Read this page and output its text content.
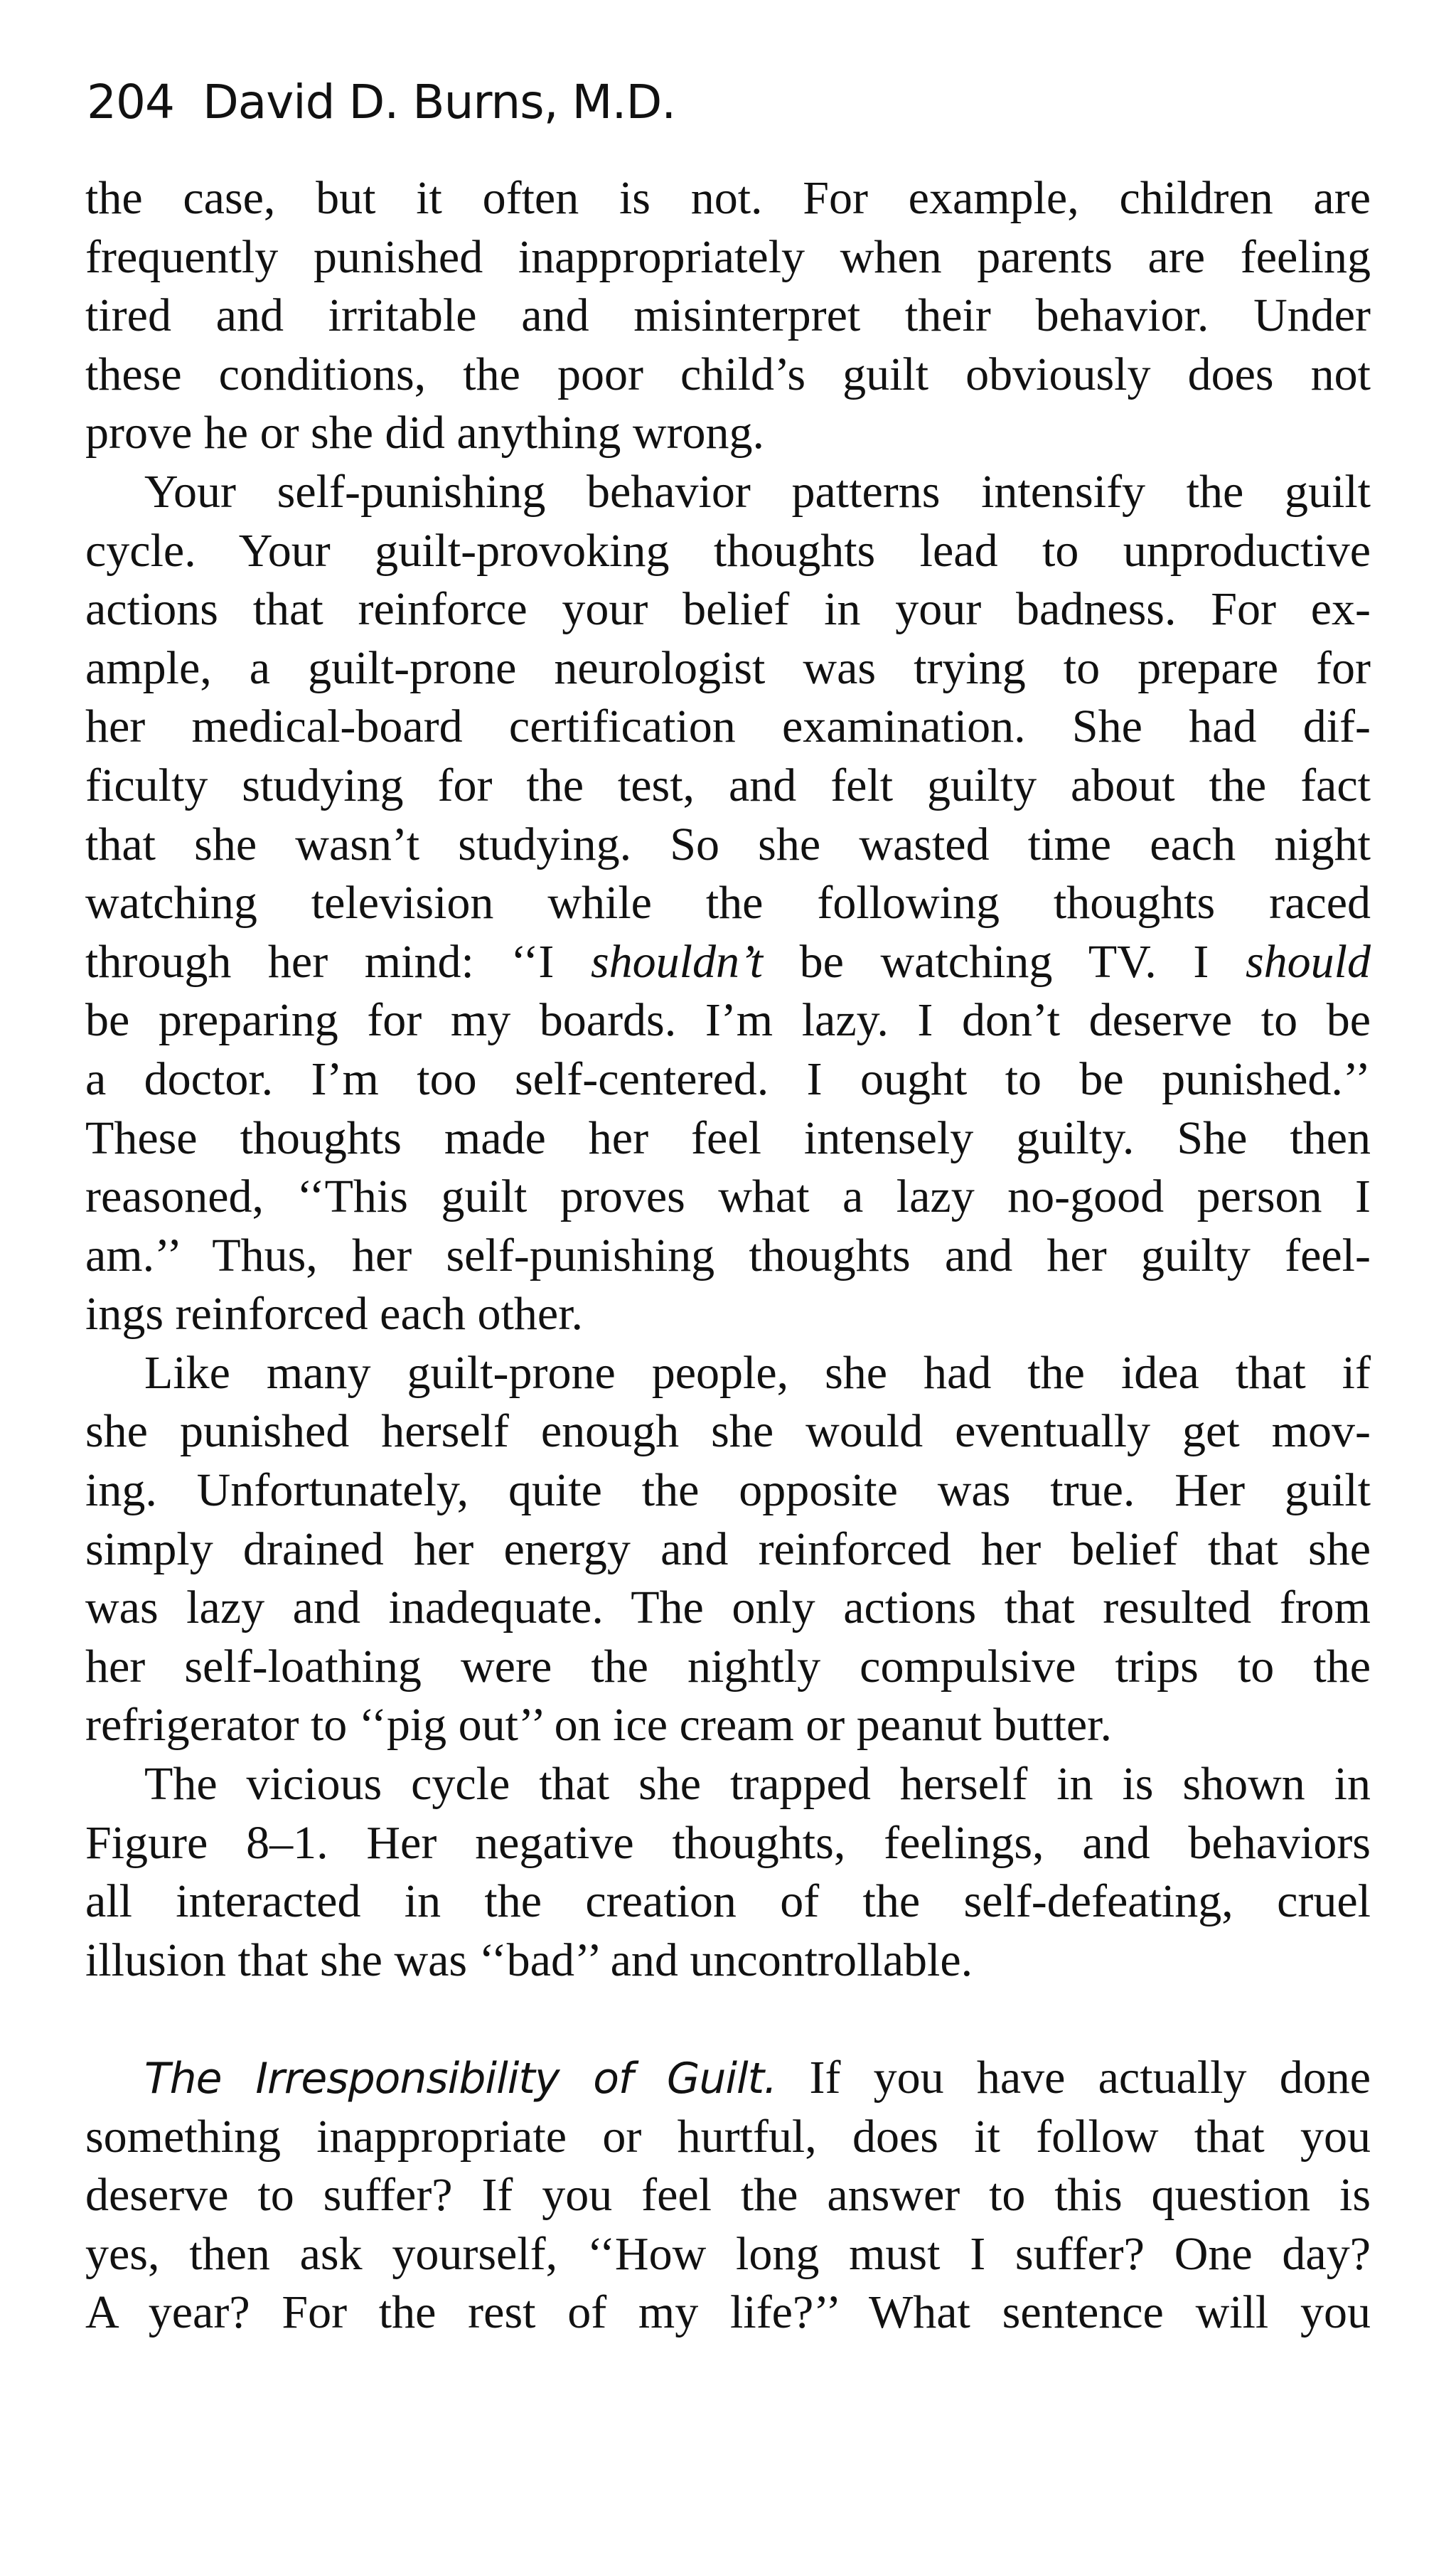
204 David D. Burns, M.D.
the case, but it often is not. For example, children are
frequently punished inappropriately when parents are feeling
tired and irritable and misinterpret their behavior. Under
these conditions, the poor child’s guilt obviously does not
prove he or she did anything wrong.
Your self-punishing behavior patterns intensify the guilt
cycle. Your guilt-provoking thoughts lead to unproductive
actions that reinforce your belief in your badness. For ex-
ample, a guilt-prone neurologist was trying to prepare for
her medical-board certification examination. She had dif-
ficulty studying for the test, and felt guilty about the fact
that she wasn’t studying. So she wasted time each night
watching television while the following thoughts raced
through her mind: ‘‘I shouldn’t be watching TV. I should
be preparing for my boards. I’m lazy. I don’t deserve to be
a doctor. I’m too self-centered. I ought to be punished.’’
These thoughts made her feel intensely guilty. She then
reasoned, ‘‘This guilt proves what a lazy no-good person I
am.’’ Thus, her self-punishing thoughts and her guilty feel-
ings reinforced each other.
Like many guilt-prone people, she had the idea that if
she punished herself enough she would eventually get mov-
ing. Unfortunately, quite the opposite was true. Her guilt
simply drained her energy and reinforced her belief that she
was lazy and inadequate. The only actions that resulted from
her self-loathing were the nightly compulsive trips to the
refrigerator to ‘‘pig out’’ on ice cream or peanut butter.
The vicious cycle that she trapped herself in is shown in
Figure 8–1. Her negative thoughts, feelings, and behaviors
all interacted in the creation of the self-defeating, cruel
illusion that she was ‘‘bad’’ and uncontrollable.
The Irresponsibility of Guilt. If you have actually done
something inappropriate or hurtful, does it follow that you
deserve to suffer? If you feel the answer to this question is
yes, then ask yourself, ‘‘How long must I suffer? One day?
A year? For the rest of my life?’’ What sentence will you
